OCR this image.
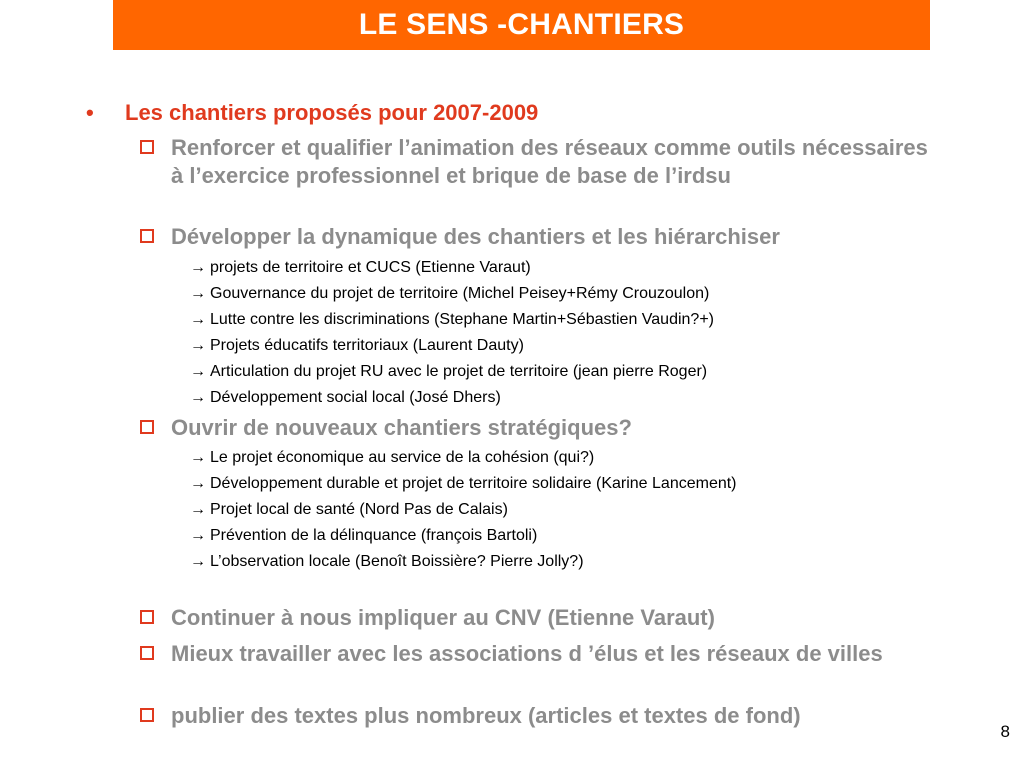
LE SENS -CHANTIERS
• Les chantiers proposés pour 2007-2009
Renforcer et qualifier l’animation des réseaux comme outils nécessaires à l’exercice professionnel et brique de base de l’irdsu
Développer la dynamique des chantiers et les hiérarchiser
→ projets de territoire et CUCS (Etienne Varaut)
→ Gouvernance du projet de territoire (Michel Peisey+Rémy Crouzoulon)
→ Lutte contre les discriminations (Stephane Martin+Sébastien Vaudin?+)
→ Projets éducatifs territoriaux (Laurent Dauty)
→ Articulation du projet RU avec le projet de territoire (jean pierre Roger)
→ Développement social local (José Dhers)
Ouvrir de nouveaux chantiers stratégiques?
→ Le projet économique au service de la cohésion (qui?)
→ Développement durable et projet de territoire solidaire (Karine Lancement)
→ Projet local de santé (Nord Pas de Calais)
→ Prévention de la délinquance (françois Bartoli)
→ L’observation locale (Benoît Boissière? Pierre Jolly?)
Continuer à nous impliquer au CNV (Etienne Varaut)
Mieux travailler avec les associations d ’élus et les réseaux de villes
publier des textes plus nombreux (articles et textes de fond)
8
